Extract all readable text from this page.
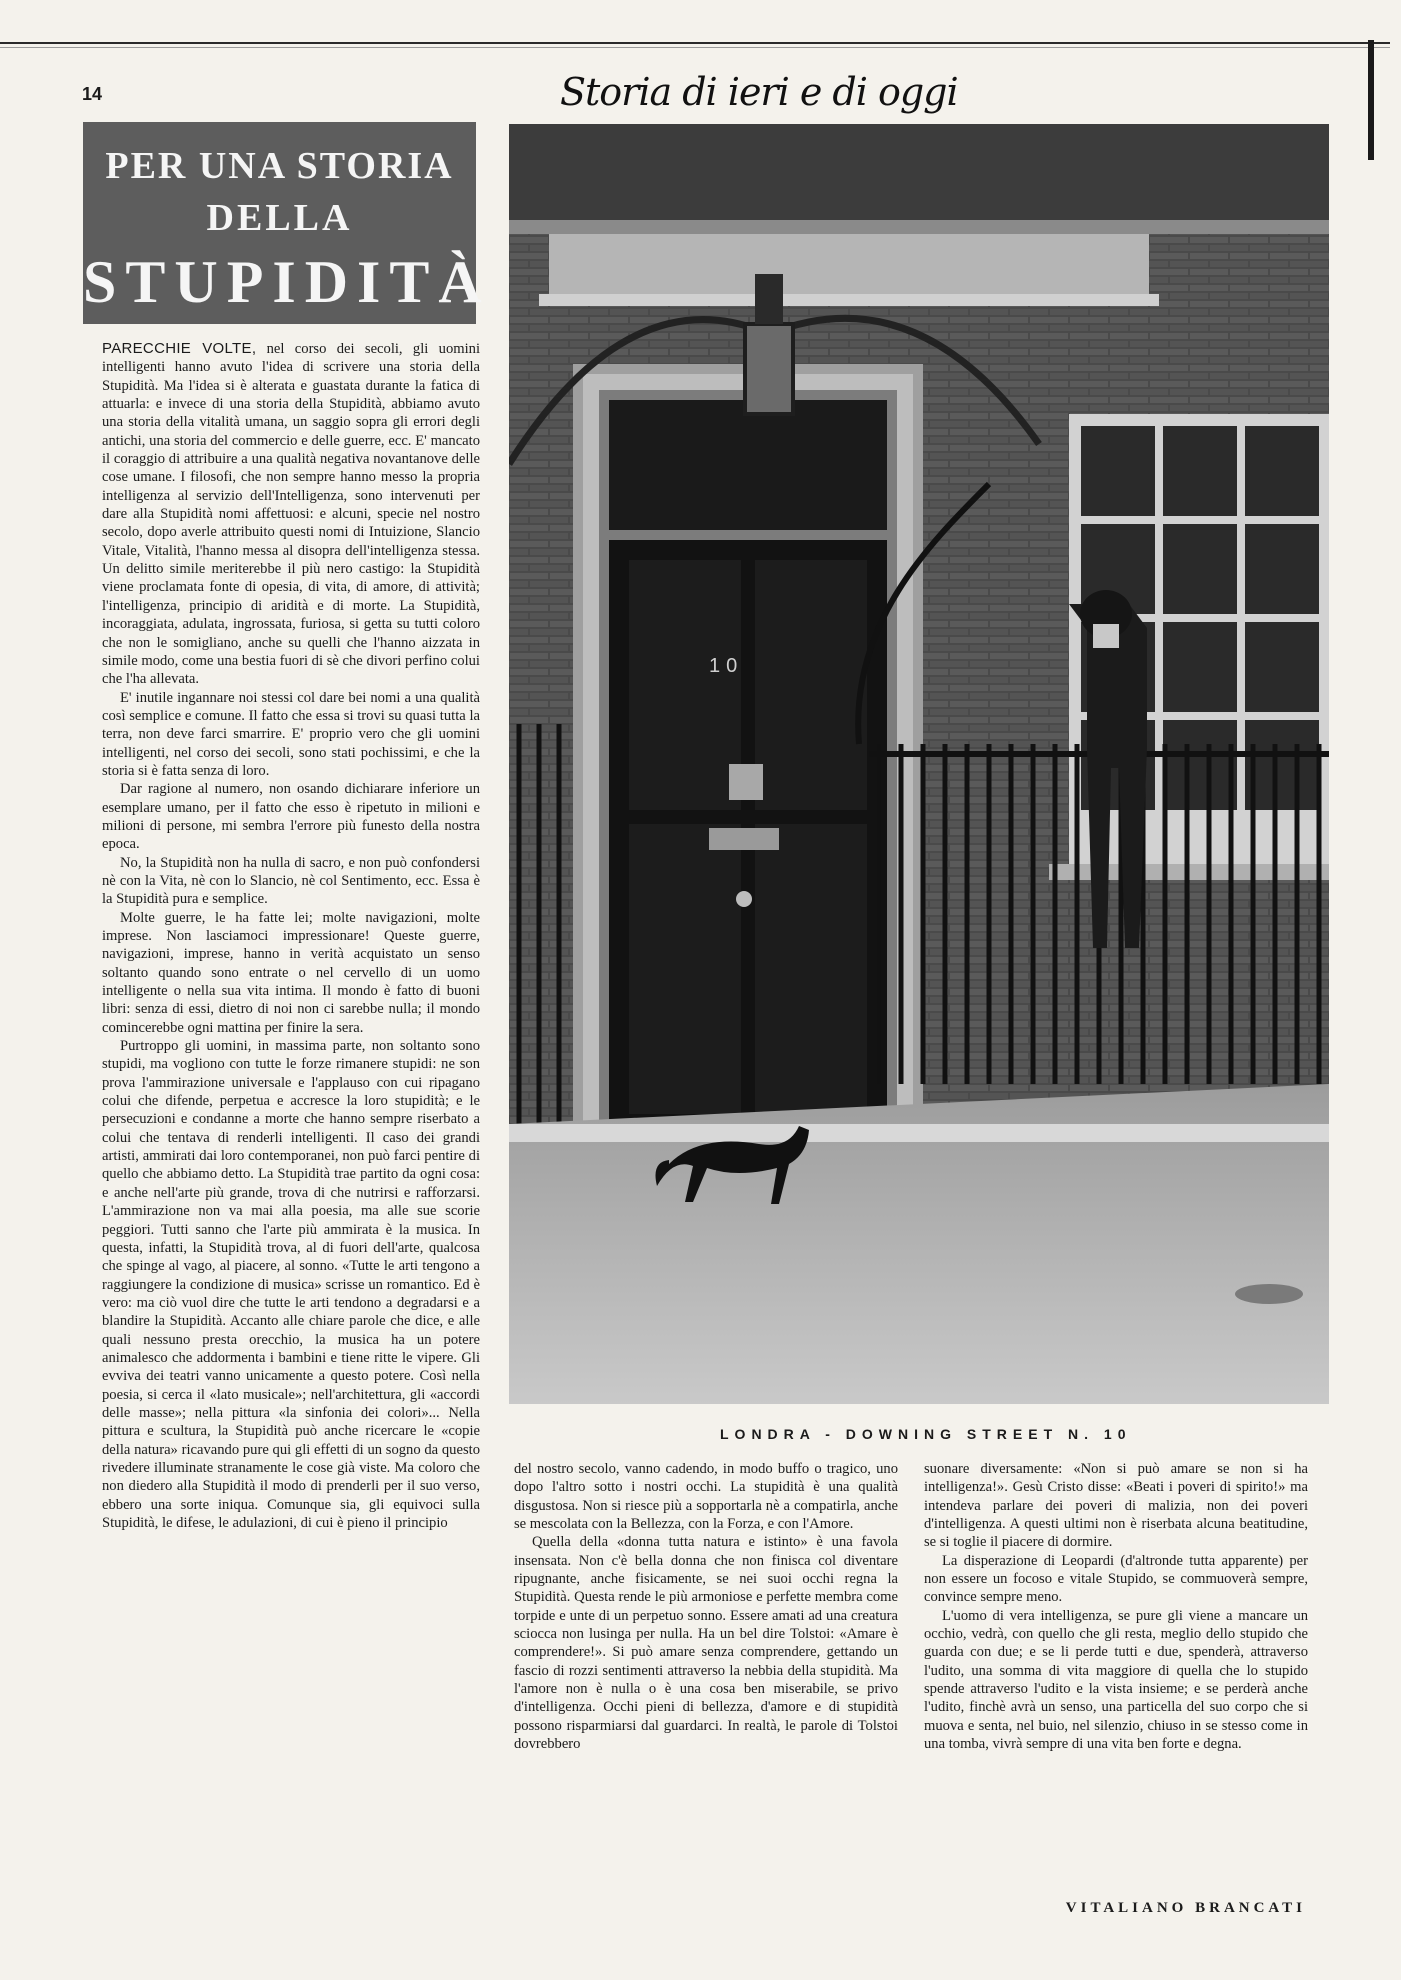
14	Storia di ieri e di oggi
PER UNA STORIA
DELLA
STUPIDITÀ

PARECCHIE VOLTE, nel corso dei secoli, gli uomini intelligenti hanno avuto l'idea di scrivere una storia della Stupidità. Ma l'idea si è alterata e guastata durante la fatica di attuarla: e invece di una storia della Stupidità, abbiamo avuto una storia della vitalità umana, un saggio sopra gli errori degli antichi, una storia del commercio e delle guerre, ecc. E' mancato il coraggio di attribuire a una qualità negativa novantanove delle cose umane. I filosofi, che non sempre hanno messo la propria intelligenza al servizio dell'Intelligenza, sono intervenuti per dare alla Stupidità nomi affettuosi: e alcuni, specie nel nostro secolo, dopo averle attribuito questi nomi di Intuizione, Slancio Vitale, Vitalità, l'hanno messa al disopra dell'intelligenza stessa. Un delitto simile meriterebbe il più nero castigo: la Stupidità viene proclamata fonte di opesia, di vita, di amore, di attività; l'intelligenza, principio di aridità e di morte. La Stupidità, incoraggiata, adulata, ingrossata, furiosa, si getta su tutti coloro che non le somigliano, anche su quelli che l'hanno aizzata in simile modo, come una bestia fuori di sè che divori perfino colui che l'ha allevata.

E' inutile ingannare noi stessi col dare bei nomi a una qualità così semplice e comune. Il fatto che essa si trovi su quasi tutta la terra, non deve farci smarrire. E' proprio vero che gli uomini intelligenti, nel corso dei secoli, sono stati pochissimi, e che la storia si è fatta senza di loro.

Dar ragione al numero, non osando dichiarare inferiore un esemplare umano, per il fatto che esso è ripetuto in milioni e milioni di persone, mi sembra l'errore più funesto della nostra epoca.

No, la Stupidità non ha nulla di sacro, e non può confondersi nè con la Vita, nè con lo Slancio, nè col Sentimento, ecc. Essa è la Stupidità pura e semplice.

Molte guerre, le ha fatte lei; molte navigazioni, molte imprese. Non lasciamoci impressionare! Queste guerre, navigazioni, imprese, hanno in verità acquistato un senso soltanto quando sono entrate o nel cervello di un uomo intelligente o nella sua vita intima. Il mondo è fatto di buoni libri: senza di essi, dietro di noi non ci sarebbe nulla; il mondo comincerebbe ogni mattina per finire la sera.

Purtroppo gli uomini, in massima parte, non soltanto sono stupidi, ma vogliono con tutte le forze rimanere stupidi: ne son prova l'ammirazione universale e l'applauso con cui ripagano colui che difende, perpetua e accresce la loro stupidità; e le persecuzioni e condanne a morte che hanno sempre riserbato a colui che tentava di renderli intelligenti. Il caso dei grandi artisti, ammirati dai loro contemporanei, non può farci pentire di quello che abbiamo detto. La Stupidità trae partito da ogni cosa: e anche nell'arte più grande, trova di che nutrirsi e rafforzarsi. L'ammirazione non va mai alla poesia, ma alle sue scorie peggiori. Tutti sanno che l'arte più ammirata è la musica. In questa, infatti, la Stupidità trova, al di fuori dell'arte, qualcosa che spinge al vago, al piacere, al sonno. «Tutte le arti tengono a raggiungere la condizione di musica» scrisse un romantico. Ed è vero: ma ciò vuol dire che tutte le arti tendono a degradarsi e a blandire la Stupidità. Accanto alle chiare parole che dice, e alle quali nessuno presta orecchio, la musica ha un potere animalesco che addormenta i bambini e tiene ritte le vipere. Gli evviva dei teatri vanno unicamente a questo potere. Così nella poesia, si cerca il «lato musicale»; nell'architettura, gli «accordi delle masse»; nella pittura «la sinfonia dei colori»... Nella pittura e scultura, la Stupidità può anche ricercare le «copie della natura» ricavando pure qui gli effetti di un sogno da questo rivedere illuminate stranamente le cose già viste. Ma coloro che non diedero alla Stupidità il modo di prenderli per il suo verso, ebbero una sorte iniqua. Comunque sia, gli equivoci sulla Stupidità, le difese, le adulazioni, di cui è pieno il principio

10
LONDRA - DOWNING STREET N. 10

del nostro secolo, vanno cadendo, in modo buffo o tragico, uno dopo l'altro sotto i nostri occhi. La stupidità è una qualità disgustosa. Non si riesce più a sopportarla nè a compatirla, anche se mescolata con la Bellezza, con la Forza, e con l'Amore.

Quella della «donna tutta natura e istinto» è una favola insensata. Non c'è bella donna che non finisca col diventare ripugnante, anche fisicamente, se nei suoi occhi regna la Stupidità. Questa rende le più armoniose e perfette membra come torpide e unte di un perpetuo sonno. Essere amati ad una creatura sciocca non lusinga per nulla. Ha un bel dire Tolstoi: «Amare è comprendere!». Si può amare senza comprendere, gettando un fascio di rozzi sentimenti attraverso la nebbia della stupidità. Ma l'amore non è nulla o è una cosa ben miserabile, se privo d'intelligenza. Occhi pieni di bellezza, d'amore e di stupidità possono risparmiarsi dal guardarci. In realtà, le parole di Tolstoi dovrebbero

suonare diversamente: «Non si può amare se non si ha intelligenza!». Gesù Cristo disse: «Beati i poveri di spirito!» ma intendeva parlare dei poveri di malizia, non dei poveri d'intelligenza. A questi ultimi non è riserbata alcuna beatitudine, se si toglie il piacere di dormire.

La disperazione di Leopardi (d'altronde tutta apparente) per non essere un focoso e vitale Stupido, se commuoverà sempre, convince sempre meno.

L'uomo di vera intelligenza, se pure gli viene a mancare un occhio, vedrà, con quello che gli resta, meglio dello stupido che guarda con due; e se li perde tutti e due, spenderà, attraverso l'udito, una somma di vita maggiore di quella che lo stupido spende attraverso l'udito e la vista insieme; e se perderà anche l'udito, finchè avrà un senso, una particella del suo corpo che si muova e senta, nel buio, nel silenzio, chiuso in se stesso come in una tomba, vivrà sempre di una vita ben forte e degna.

VITALIANO BRANCATI
